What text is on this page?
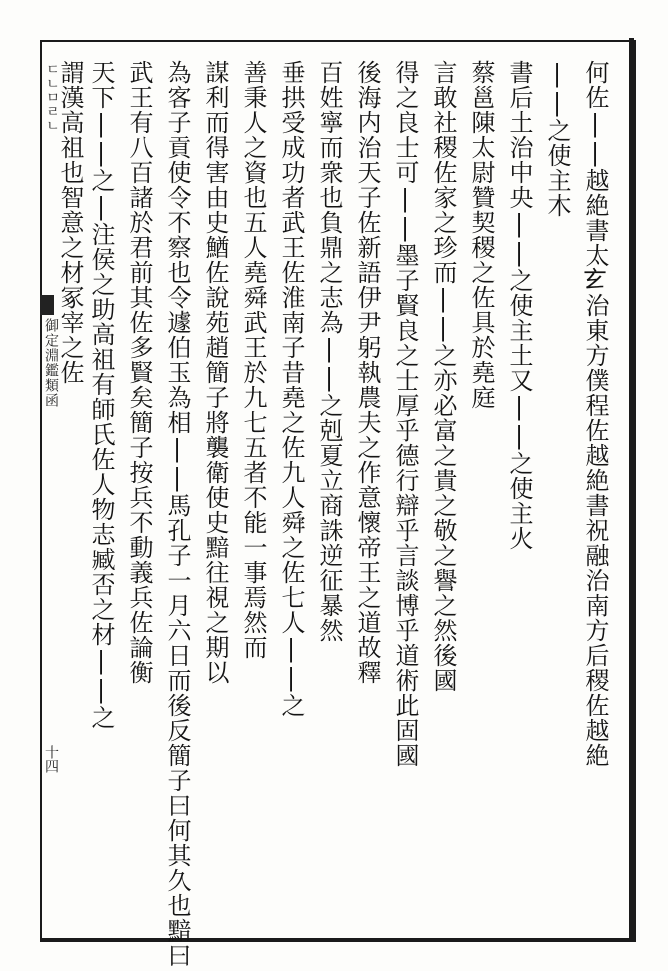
ㄷㄴㅁㄹㄴ
御定淵鑑類函
十四	何佐||越絶書太𤣥治東方僕程佐越絶書祝融治南方后稷佐越絶
||之使主木
書后土治中央||之使主土又||之使主火
蔡邕陳太尉贊契稷之佐具於堯庭
言敢社稷佐家之珍而||之亦必富之貴之敬之譽之然後國
得之良士可||墨子賢良之士厚乎德行辯乎言談博乎道術此固國
後海内治天子佐新語伊尹躬執農夫之作意懷帝王之道故釋
百姓寧而衆也負鼎之志為||之剋夏立商誅逆征暴然
垂拱受成功者武王佐淮南子昔堯之佐九人舜之佐七人||之
善秉人之資也五人堯舜武王於九七五者不能一事焉然而
謀利而得害由史鰌佐說苑趙簡子將襲衛使史黯往視之期以
為客子貢使令不察也令遽伯玉為相||馬孔子一月六日而後反簡子曰何其久也黯曰
武王有八百諸於君前其佐多賢矣簡子按兵不動義兵佐論衡
天下||之|注侯之助高祖有師氏佐人物志臧否之材||之
謂漢高祖也智意之材冢宰之佐
